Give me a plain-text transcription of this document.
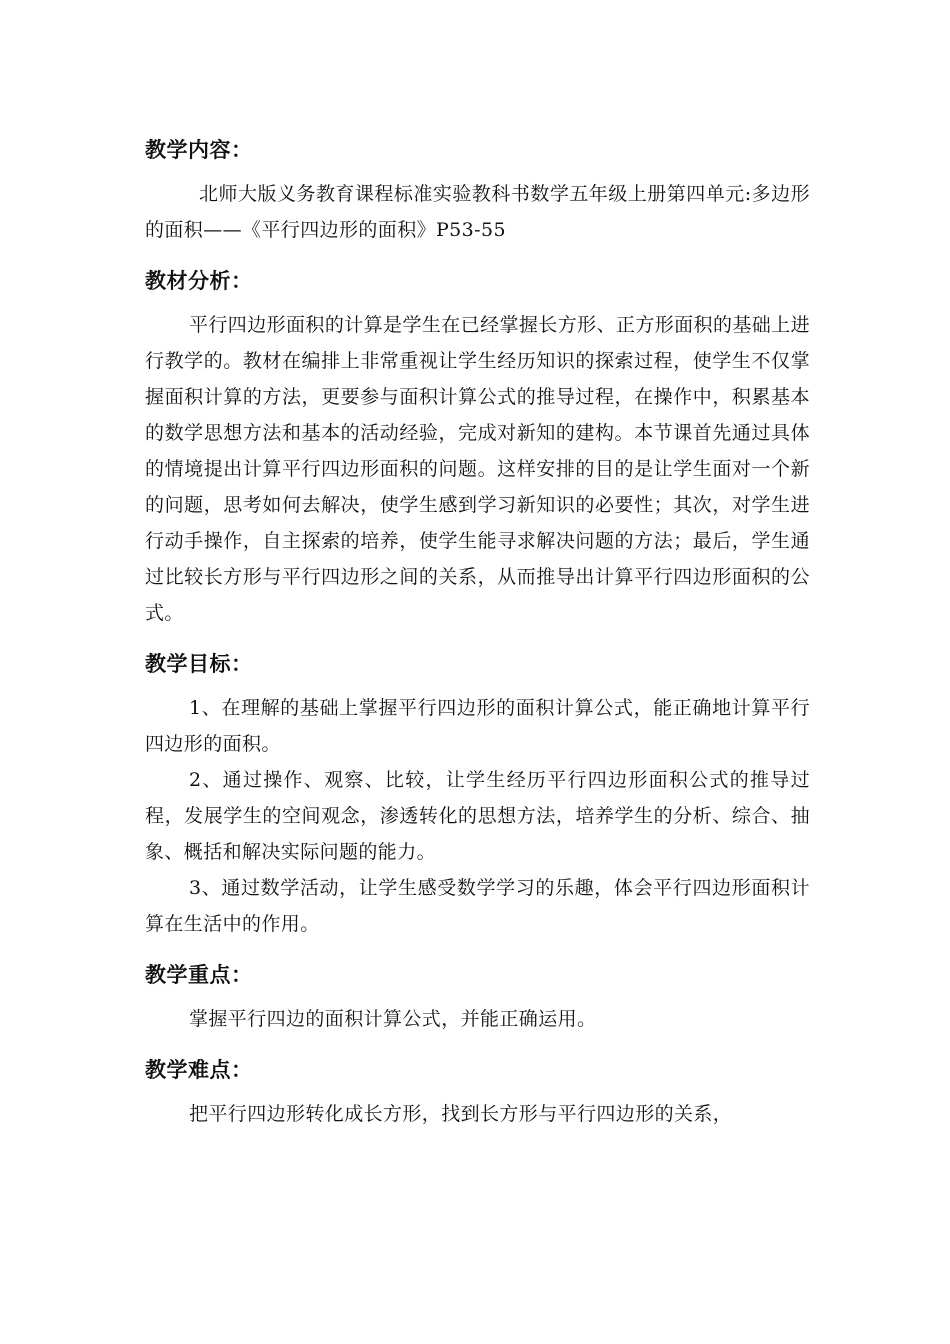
教学内容：

北师大版义务教育课程标准实验教科书数学五年级上册第四单元:多边形的面积——《平行四边形的面积》P53-55

教材分析：

平行四边形面积的计算是学生在已经掌握长方形、正方形面积的基础上进行教学的。教材在编排上非常重视让学生经历知识的探索过程，使学生不仅掌握面积计算的方法，更要参与面积计算公式的推导过程，在操作中，积累基本的数学思想方法和基本的活动经验，完成对新知的建构。本节课首先通过具体的情境提出计算平行四边形面积的问题。这样安排的目的是让学生面对一个新的问题，思考如何去解决，使学生感到学习新知识的必要性；其次，对学生进行动手操作，自主探索的培养，使学生能寻求解决问题的方法；最后，学生通过比较长方形与平行四边形之间的关系，从而推导出计算平行四边形面积的公式。

教学目标：

1、在理解的基础上掌握平行四边形的面积计算公式，能正确地计算平行四边形的面积。

2、通过操作、观察、比较，让学生经历平行四边形面积公式的推导过程，发展学生的空间观念，渗透转化的思想方法，培养学生的分析、综合、抽象、概括和解决实际问题的能力。

3、通过数学活动，让学生感受数学学习的乐趣，体会平行四边形面积计算在生活中的作用。

教学重点：

掌握平行四边的面积计算公式，并能正确运用。

教学难点：

把平行四边形转化成长方形，找到长方形与平行四边形的关系，
